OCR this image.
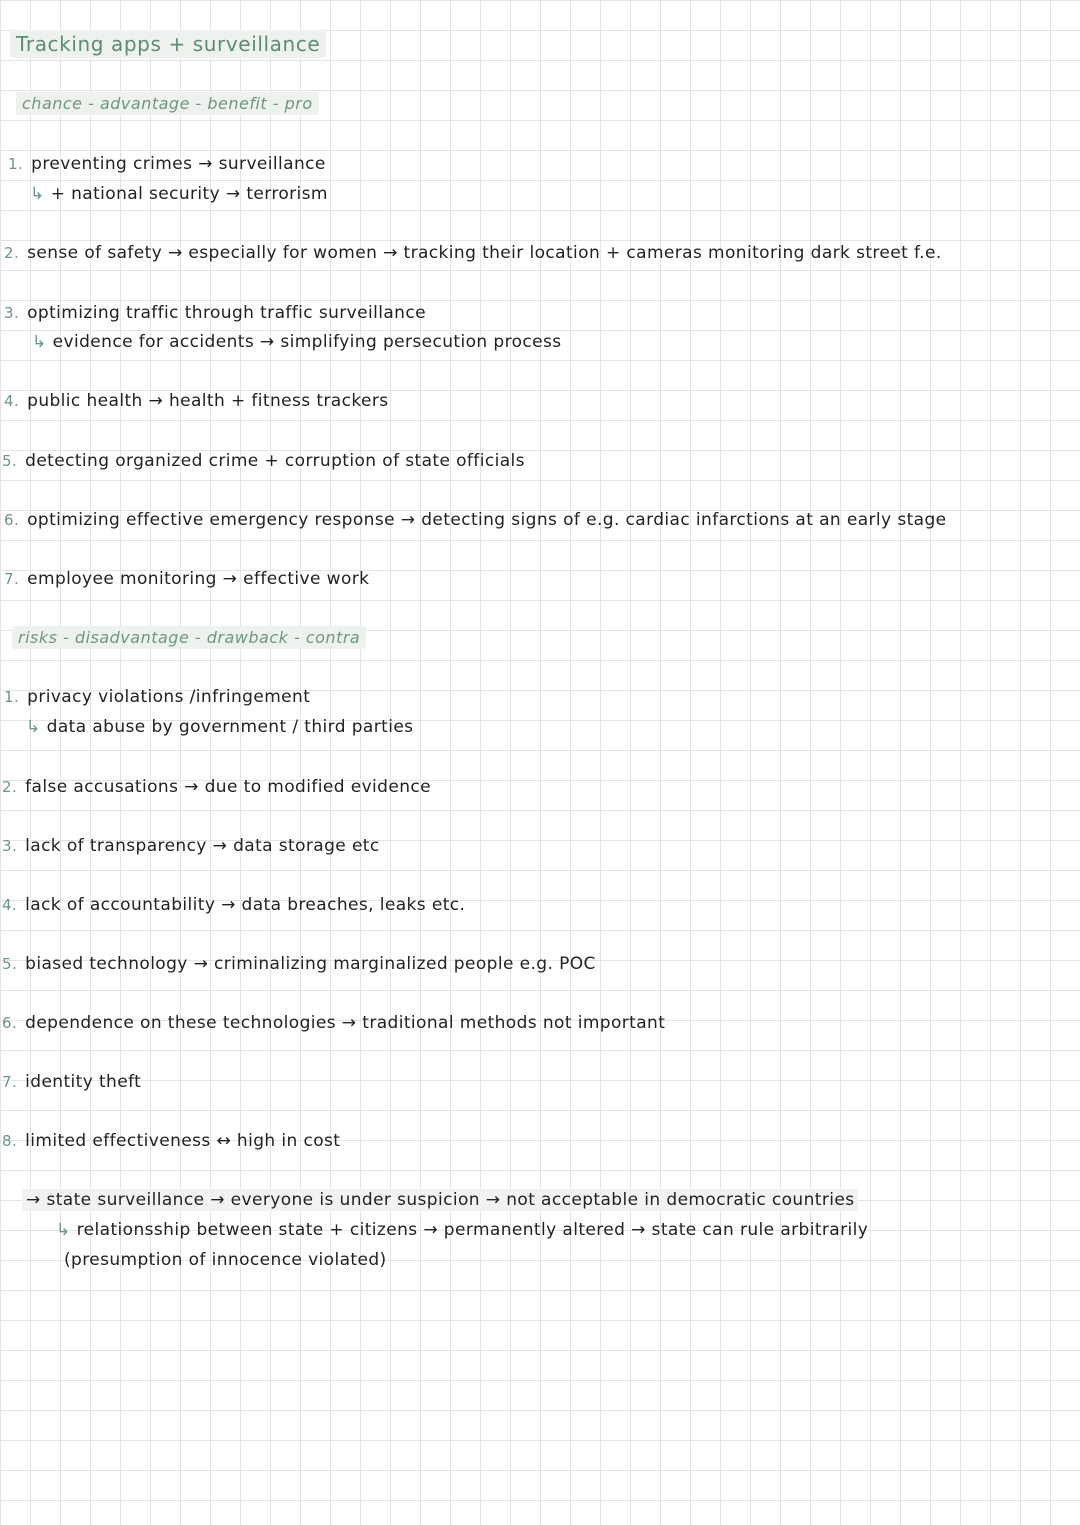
Tracking apps + surveillance
chance - advantage - benefit - pro
1. preventing crimes → surveillance
↳ + national security → terrorism
2. sense of safety → especially for women → tracking their location + cameras monitoring dark street f.e.
3. optimizing traffic through traffic surveillance
↳ evidence for accidents → simplifying persecution process
4. public health → health + fitness trackers
5. detecting organized crime + corruption of state officials
6. optimizing effective emergency response → detecting signs of e.g. cardiac infarctions at an early stage
7. employee monitoring → effective work
risks - disadvantage - drawback - contra
1. privacy violations /infringement
↳ data abuse by government / third parties
2. false accusations → due to modified evidence
3. lack of transparency → data storage etc
4. lack of accountability → data breaches, leaks etc.
5. biased technology → criminalizing marginalized people e.g. POC
6. dependence on these technologies → traditional methods not important
7. identity theft
8. limited effectiveness ↔ high in cost
→ state surveillance → everyone is under suspicion → not acceptable in democratic countries
↳ relationsship between state + citizens → permanently altered → state can rule arbitrarily
(presumption of innocence violated)
